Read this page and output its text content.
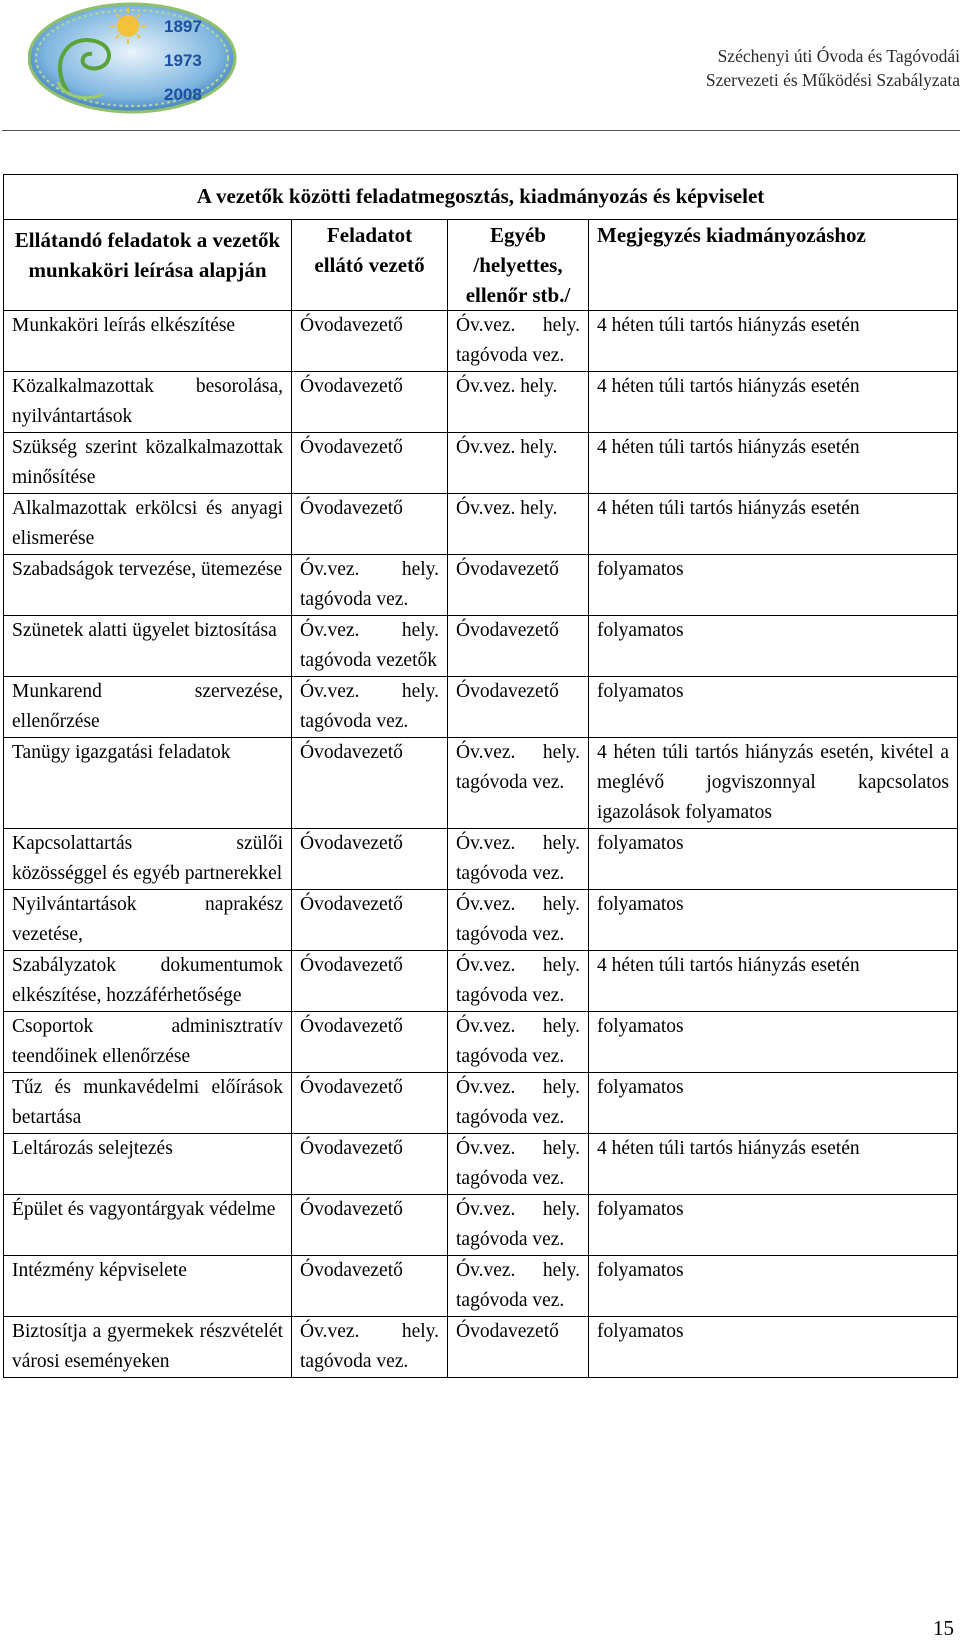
1897
1973
2008
Széchenyi úti Óvoda és Tagóvodái
Szervezeti és Működési Szabályzata
A vezetők közötti feladatmegosztás, kiadmányozás és képviselet			
Ellátandó feladatok a vezetők munkaköri leírása alapján	Feladatot ellátó vezető	Egyéb /helyettes, ellenőr stb./	Megjegyzés kiadmányozáshoz
Munkaköri leírás elkészítése	Óvodavezető	Óv.vez. hely. tagóvoda vez.	4 héten túli tartós hiányzás esetén
Közalkalmazottak besorolása, nyilvántartások	Óvodavezető	Óv.vez. hely.	4 héten túli tartós hiányzás esetén
Szükség szerint közalkalmazottak minősítése	Óvodavezető	Óv.vez. hely.	4 héten túli tartós hiányzás esetén
Alkalmazottak erkölcsi és anyagi elismerése	Óvodavezető	Óv.vez. hely.	4 héten túli tartós hiányzás esetén
Szabadságok tervezése, ütemezése	Óv.vez. hely. tagóvoda vez.	Óvodavezető	folyamatos
Szünetek alatti ügyelet biztosítása	Óv.vez. hely. tagóvoda vezetők	Óvodavezető	folyamatos
Munkarend szervezése, ellenőrzése	Óv.vez. hely. tagóvoda vez.	Óvodavezető	folyamatos
Tanügy igazgatási feladatok	Óvodavezető	Óv.vez. hely. tagóvoda vez.	4 héten túli tartós hiányzás esetén, kivétel a meglévő jogviszonnyal kapcsolatos igazolások folyamatos
Kapcsolattartás szülői közösséggel és egyéb partnerekkel	Óvodavezető	Óv.vez. hely. tagóvoda vez.	folyamatos
Nyilvántartások naprakész vezetése,	Óvodavezető	Óv.vez. hely. tagóvoda vez.	folyamatos
Szabályzatok dokumentumok elkészítése, hozzáférhetősége	Óvodavezető	Óv.vez. hely. tagóvoda vez.	4 héten túli tartós hiányzás esetén
Csoportok adminisztratív teendőinek ellenőrzése	Óvodavezető	Óv.vez. hely. tagóvoda vez.	folyamatos
Tűz és munkavédelmi előírások betartása	Óvodavezető	Óv.vez. hely. tagóvoda vez.	folyamatos
Leltározás selejtezés	Óvodavezető	Óv.vez. hely. tagóvoda vez.	4 héten túli tartós hiányzás esetén
Épület és vagyontárgyak védelme	Óvodavezető	Óv.vez. hely. tagóvoda vez.	folyamatos
Intézmény képviselete	Óvodavezető	Óv.vez. hely. tagóvoda vez.	folyamatos
Biztosítja a gyermekek részvételét városi eseményeken	Óv.vez. hely. tagóvoda vez.	Óvodavezető	folyamatos
15
